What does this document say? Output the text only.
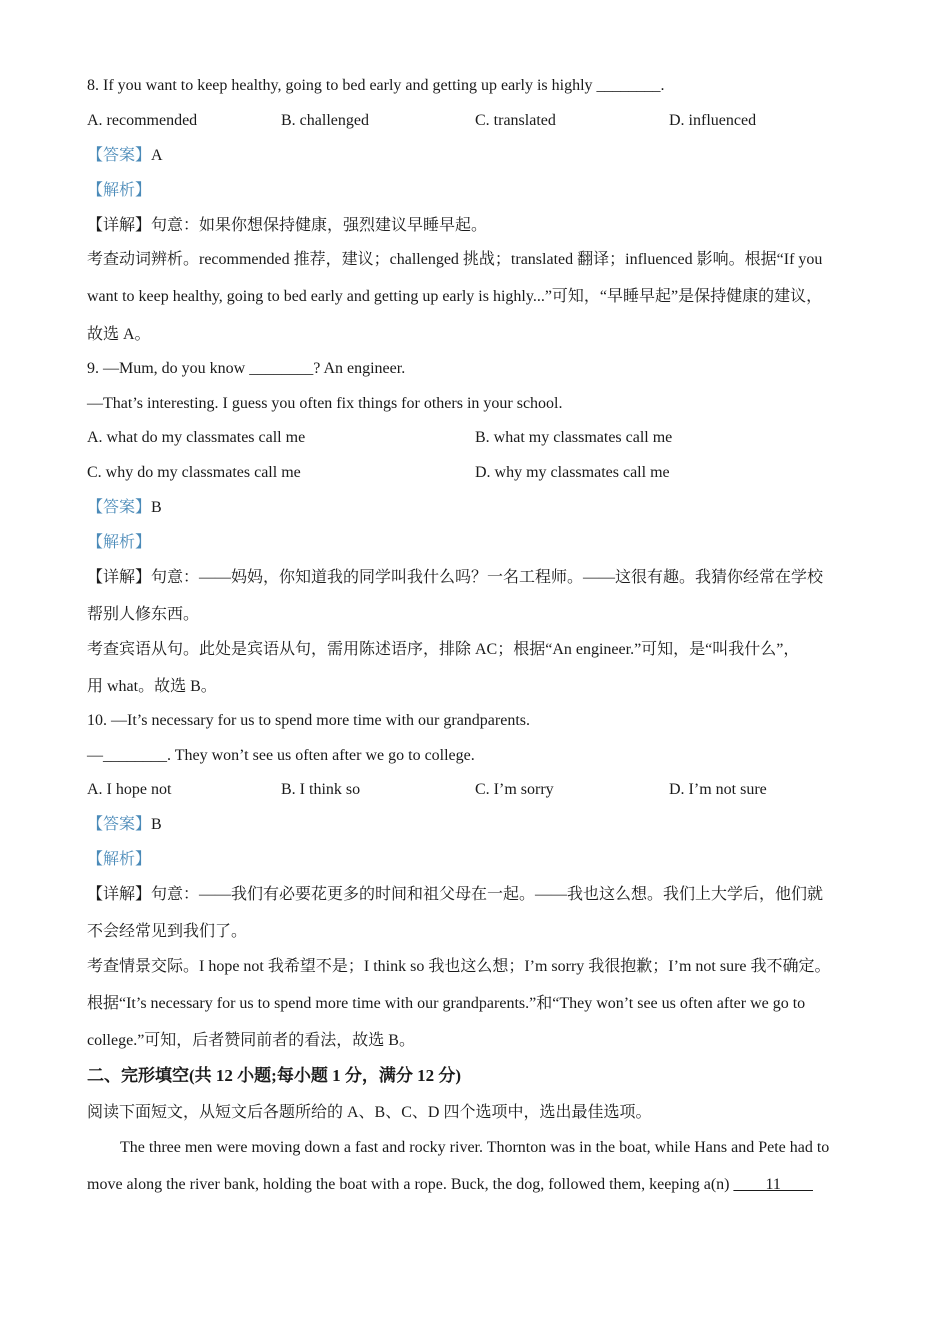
8. If you want to keep healthy, going to bed early and getting up early is highly ________.
A. recommended	B. challenged	C. translated	D. influenced
【答案】A
【解析】
【详解】句意：如果你想保持健康，强烈建议早睡早起。
考查动词辨析。recommended 推荐，建议；challenged 挑战；translated 翻译；influenced 影响。根据“If you
want to keep healthy, going to bed early and getting up early is highly...”可知，“早睡早起”是保持健康的建议，
故选 A。
9. —Mum, do you know ________? An engineer.
—That’s interesting. I guess you often fix things for others in your school.
A. what do my classmates call me	B. what my classmates call me
C. why do my classmates call me	D. why my classmates call me
【答案】B
【解析】
【详解】句意：——妈妈，你知道我的同学叫我什么吗？一名工程师。——这很有趣。我猜你经常在学校
帮别人修东西。
考查宾语从句。此处是宾语从句，需用陈述语序，排除 AC；根据“An engineer.”可知，是“叫我什么”，
用 what。故选 B。
10. —It’s necessary for us to spend more time with our grandparents.
—________. They won’t see us often after we go to college.
A. I hope not	B. I think so	C. I’m sorry	D. I’m not sure
【答案】B
【解析】
【详解】句意：——我们有必要花更多的时间和祖父母在一起。——我也这么想。我们上大学后，他们就
不会经常见到我们了。
考查情景交际。I hope not 我希望不是；I think so 我也这么想；I’m sorry 我很抱歉；I’m not sure 我不确定。
根据“It’s necessary for us to spend more time with our grandparents.”和“They won’t see us often after we go to
college.”可知，后者赞同前者的看法，故选 B。
二、完形填空(共 12 小题;每小题 1 分，满分 12 分)
阅读下面短文，从短文后各题所给的 A、B、C、D 四个选项中，选出最佳选项。
The three men were moving down a fast and rocky river. Thornton was in the boat, while Hans and Pete had to
move along the river bank, holding the boat with a rope. Buck, the dog, followed them, keeping a(n) ____11____
